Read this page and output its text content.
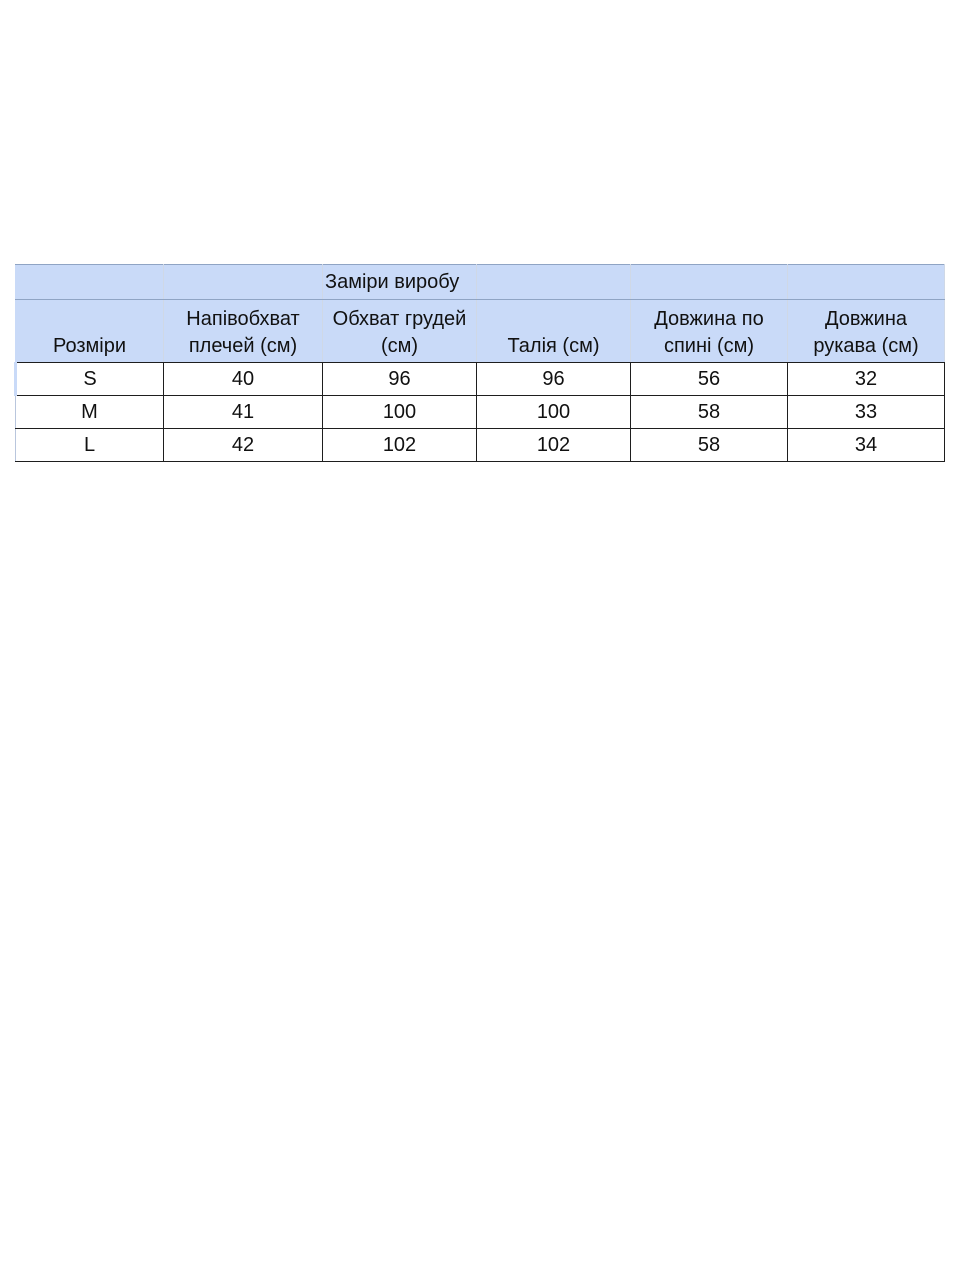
		Заміри виробу			
Розміри	Напівобхват плечей (см)	Обхват грудей (см)	Талія (см)	Довжина по спині (см)	Довжина рукава (см)
S	40	96	96	56	32
M	41	100	100	58	33
L	42	102	102	58	34
